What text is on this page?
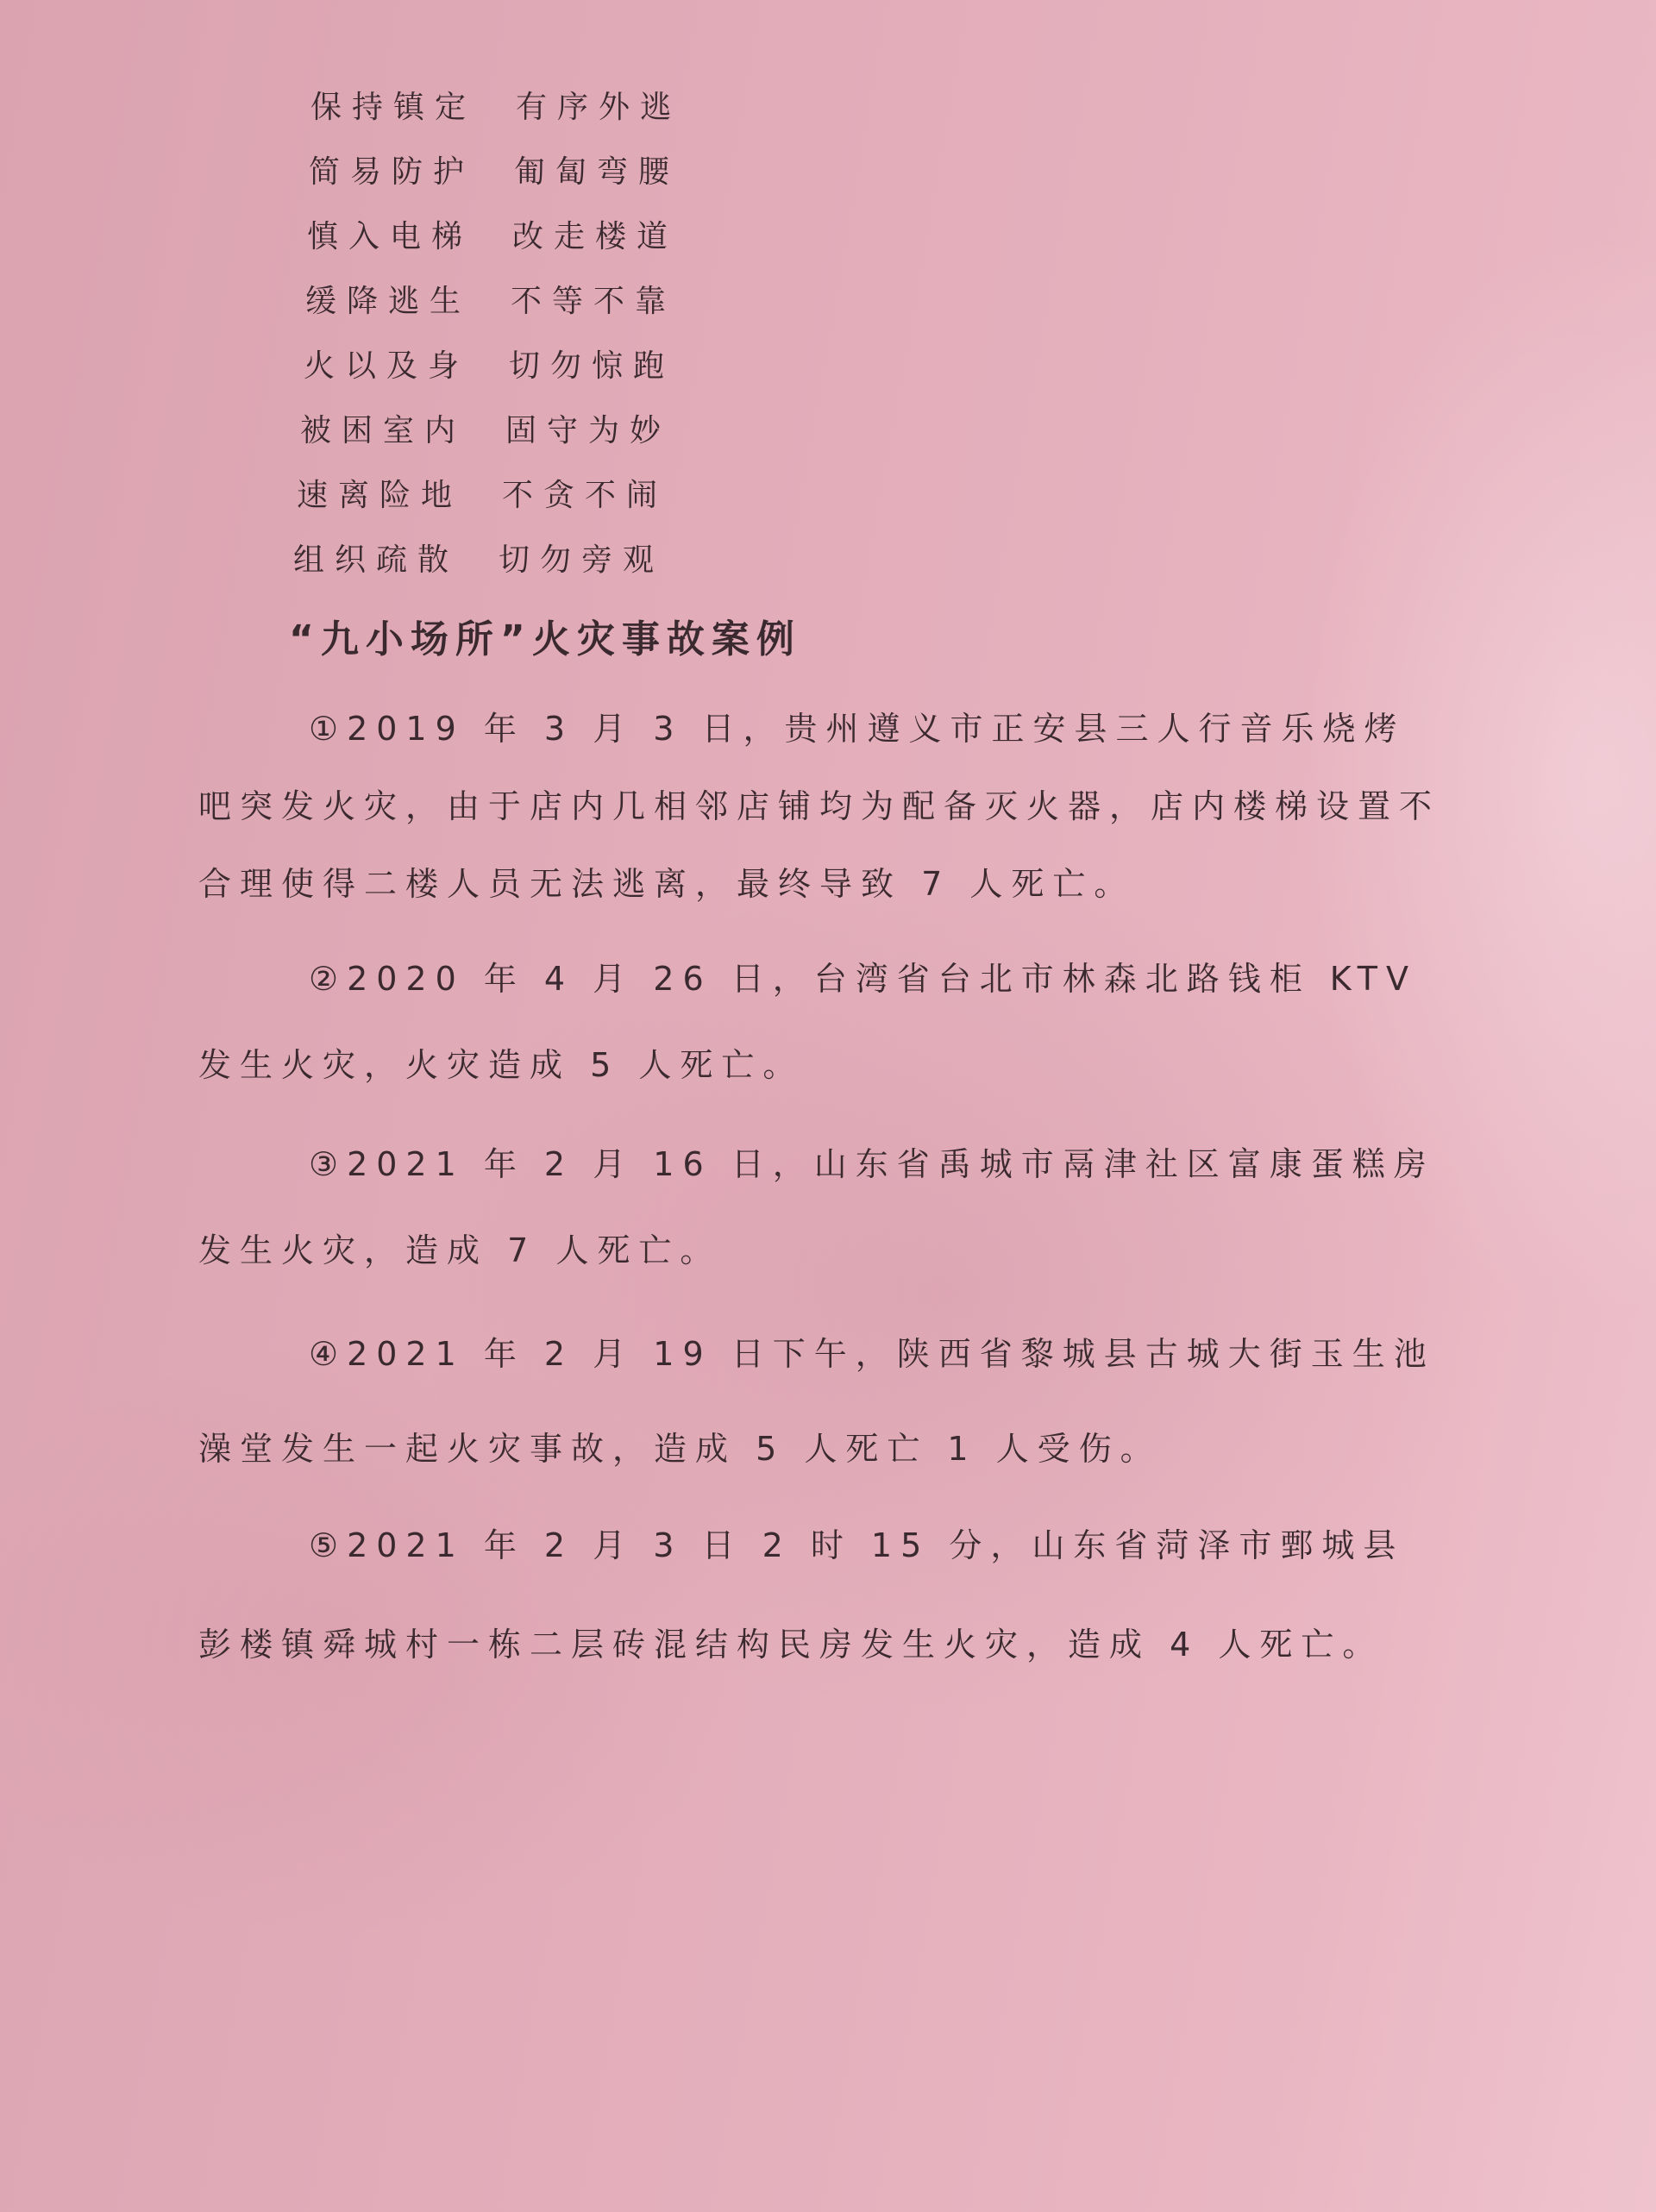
保持镇定 有序外逃
简易防护 匍匐弯腰
慎入电梯 改走楼道
缓降逃生 不等不靠
火以及身 切勿惊跑
被困室内 固守为妙
速离险地 不贪不闹
组织疏散 切勿旁观
“九小场所”火灾事故案例

①2019 年 3 月 3 日，贵州遵义市正安县三人行音乐烧烤吧突发火灾，由于店内几相邻店铺均为配备灭火器，店内楼梯设置不合理使得二楼人员无法逃离，最终导致 7 人死亡。

②2020 年 4 月 26 日，台湾省台北市林森北路钱柜 KTV 发生火灾，火灾造成 5 人死亡。

③2021 年 2 月 16 日，山东省禹城市鬲津社区富康蛋糕房发生火灾，造成 7 人死亡。

④2021 年 2 月 19 日下午，陕西省黎城县古城大街玉生池澡堂发生一起火灾事故，造成 5 人死亡 1 人受伤。

⑤2021 年 2 月 3 日 2 时 15 分，山东省菏泽市鄄城县彭楼镇舜城村一栋二层砖混结构民房发生火灾，造成 4 人死亡。
